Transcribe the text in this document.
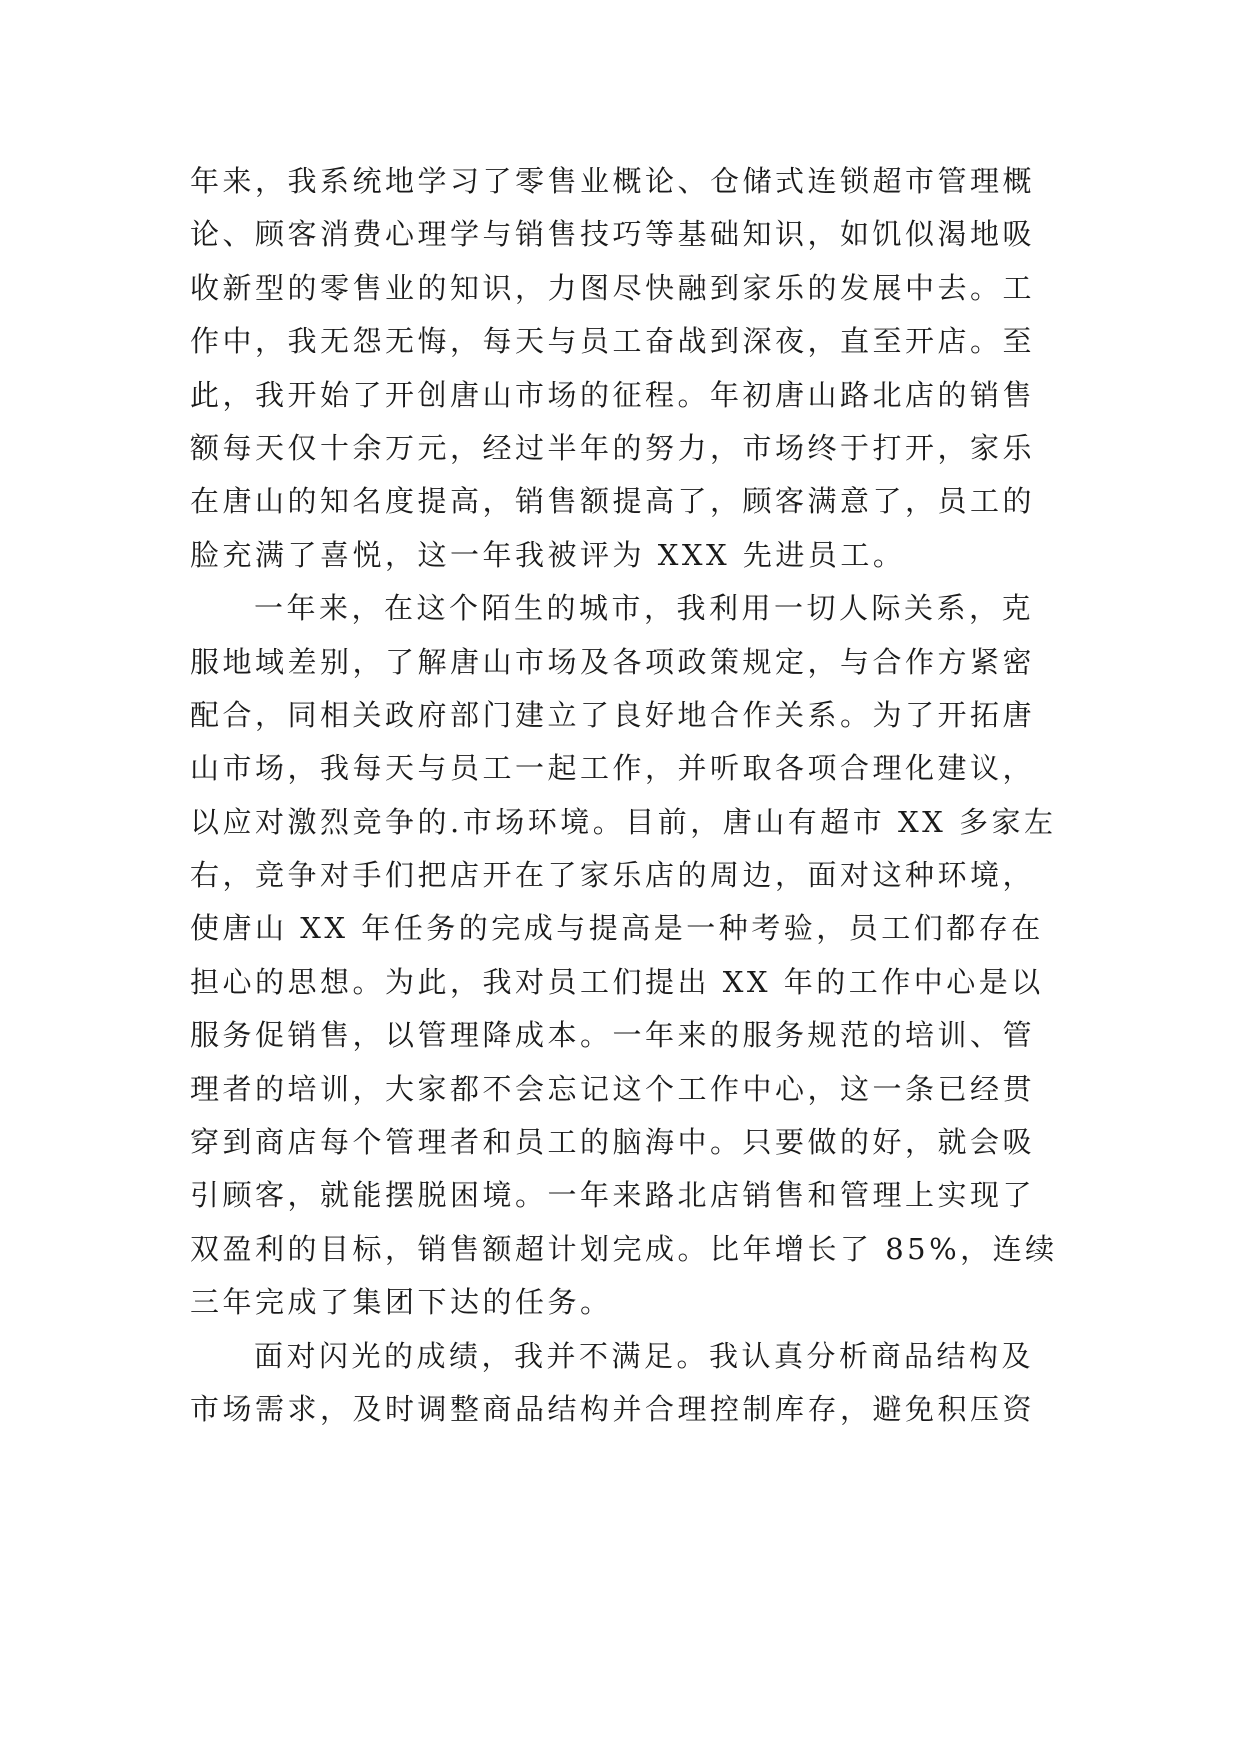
年来，我系统地学习了零售业概论、仓储式连锁超市管理概
论、顾客消费心理学与销售技巧等基础知识，如饥似渴地吸
收新型的零售业的知识，力图尽快融到家乐的发展中去。工
作中，我无怨无悔，每天与员工奋战到深夜，直至开店。至
此，我开始了开创唐山市场的征程。年初唐山路北店的销售
额每天仅十余万元，经过半年的努力，市场终于打开，家乐
在唐山的知名度提高，销售额提高了，顾客满意了，员工的
脸充满了喜悦，这一年我被评为 XXX 先进员工。
一年来，在这个陌生的城市，我利用一切人际关系，克
服地域差别，了解唐山市场及各项政策规定，与合作方紧密
配合，同相关政府部门建立了良好地合作关系。为了开拓唐
山市场，我每天与员工一起工作，并听取各项合理化建议，
以应对激烈竞争的.市场环境。目前，唐山有超市 XX 多家左
右，竞争对手们把店开在了家乐店的周边，面对这种环境，
使唐山 XX 年任务的完成与提高是一种考验，员工们都存在
担心的思想。为此，我对员工们提出 XX 年的工作中心是以
服务促销售，以管理降成本。一年来的服务规范的培训、管
理者的培训，大家都不会忘记这个工作中心，这一条已经贯
穿到商店每个管理者和员工的脑海中。只要做的好，就会吸
引顾客，就能摆脱困境。一年来路北店销售和管理上实现了
双盈利的目标，销售额超计划完成。比年增长了 85%，连续
三年完成了集团下达的任务。
面对闪光的成绩，我并不满足。我认真分析商品结构及
市场需求，及时调整商品结构并合理控制库存，避免积压资
